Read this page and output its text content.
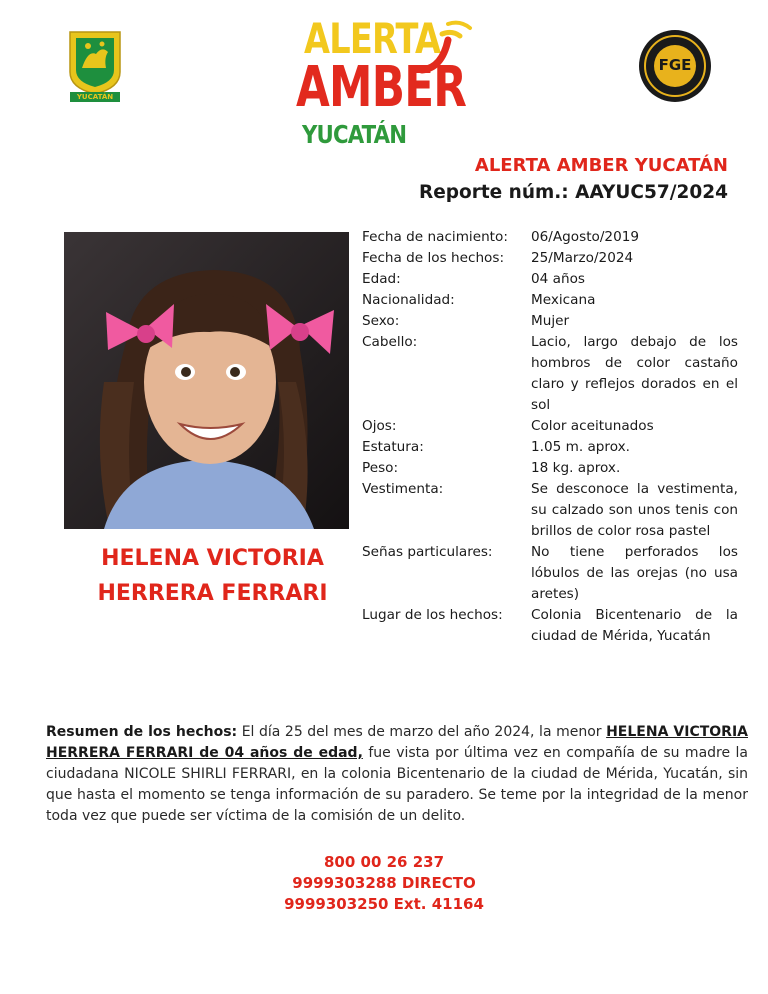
YUCATÁN
ALERTA
AMBER
YUCATÁN
FGE
ALERTA AMBER YUCATÁN
Reporte núm.: AAYUC57/2024
HELENA VICTORIA
HERRERA FERRARI
Fecha de nacimiento:	06/Agosto/2019
Fecha de los hechos:	25/Marzo/2024
Edad:	04 años
Nacionalidad:	Mexicana
Sexo:	Mujer
Cabello:	Lacio, largo debajo de los hombros de color castaño claro y reflejos dorados en el sol
Ojos:	Color aceitunados
Estatura:	1.05 m. aprox.
Peso:	18 kg. aprox.
Vestimenta:	Se desconoce la vestimenta, su calzado son unos tenis con brillos de color rosa pastel
Señas particulares:	No tiene perforados los lóbulos de las orejas (no usa aretes)
Lugar de los hechos:	Colonia Bicentenario de la ciudad de Mérida, Yucatán
Resumen de los hechos: El día 25 del mes de marzo del año 2024, la menor HELENA VICTORIA HERRERA FERRARI de 04 años de edad, fue vista por última vez en compañía de su madre la ciudadana NICOLE SHIRLI FERRARI, en la colonia Bicentenario de la ciudad de Mérida, Yucatán, sin que hasta el momento se tenga información de su paradero. Se teme por la integridad de la menor toda vez que puede ser víctima de la comisión de un delito.
800 00 26 237
9999303288 DIRECTO
9999303250 Ext. 41164
